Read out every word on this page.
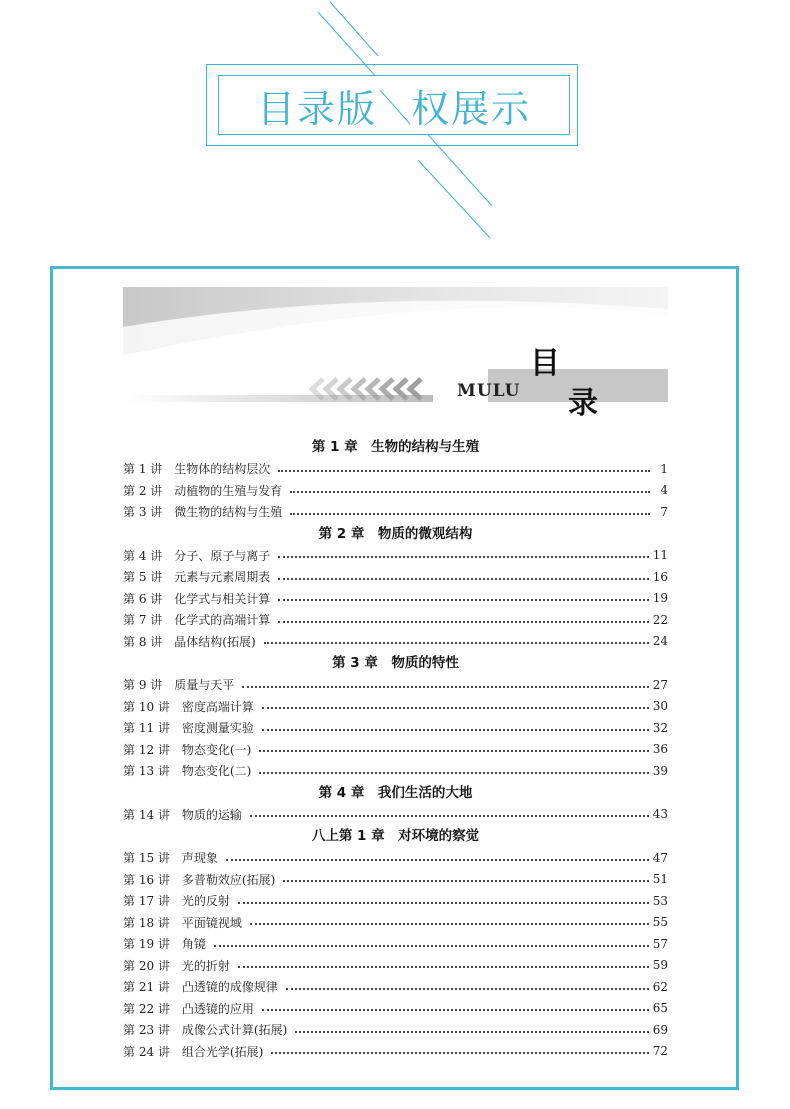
目录版 权展示
目
录
MULU
第 1 章　生物的结构与生殖
第 1 讲 生物体的结构层次	1
第 2 讲 动植物的生殖与发育	4
第 3 讲 微生物的结构与生殖	7
第 2 章　物质的微观结构
第 4 讲 分子、原子与离子	11
第 5 讲 元素与元素周期表	16
第 6 讲 化学式与相关计算	19
第 7 讲 化学式的高端计算	22
第 8 讲 晶体结构(拓展)	24
第 3 章　物质的特性
第 9 讲 质量与天平	27
第 10 讲 密度高端计算	30
第 11 讲 密度测量实验	32
第 12 讲 物态变化(一)	36
第 13 讲 物态变化(二)	39
第 4 章　我们生活的大地
第 14 讲 物质的运输	43
八上第 1 章　对环境的察觉
第 15 讲 声现象	47
第 16 讲 多普勒效应(拓展)	51
第 17 讲 光的反射	53
第 18 讲 平面镜视域	55
第 19 讲 角镜	57
第 20 讲 光的折射	59
第 21 讲 凸透镜的成像规律	62
第 22 讲 凸透镜的应用	65
第 23 讲 成像公式计算(拓展)	69
第 24 讲 组合光学(拓展)	72
